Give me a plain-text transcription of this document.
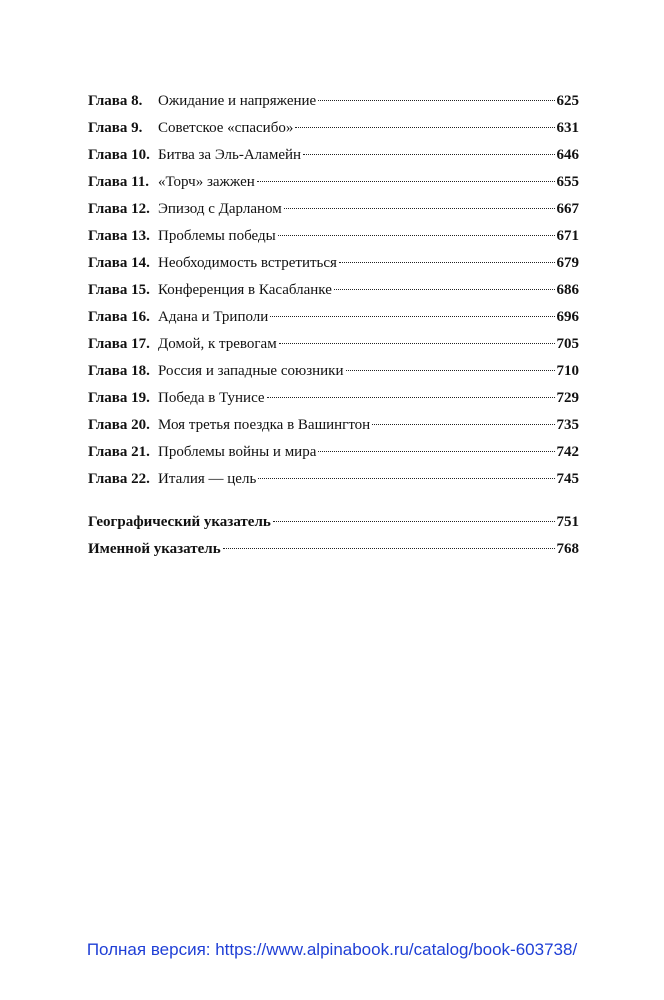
Глава 8.	Ожидание и напряжение	625
Глава 9.	Советское «спасибо»	631
Глава 10. Битва за Эль-Аламейн	646
Глава 11. «Торч» зажжен	655
Глава 12. Эпизод с Дарланом	667
Глава 13. Проблемы победы	671
Глава 14. Необходимость встретиться	679
Глава 15. Конференция в Касабланке	686
Глава 16. Адана и Триполи	696
Глава 17. Домой, к тревогам	705
Глава 18. Россия и западные союзники	710
Глава 19. Победа в Тунисе	729
Глава 20. Моя третья поездка в Вашингтон	735
Глава 21. Проблемы войны и мира	742
Глава 22. Италия — цель	745
Географический указатель	751
Именной указатель	768
Полная версия: https://www.alpinabook.ru/catalog/book-603738/
